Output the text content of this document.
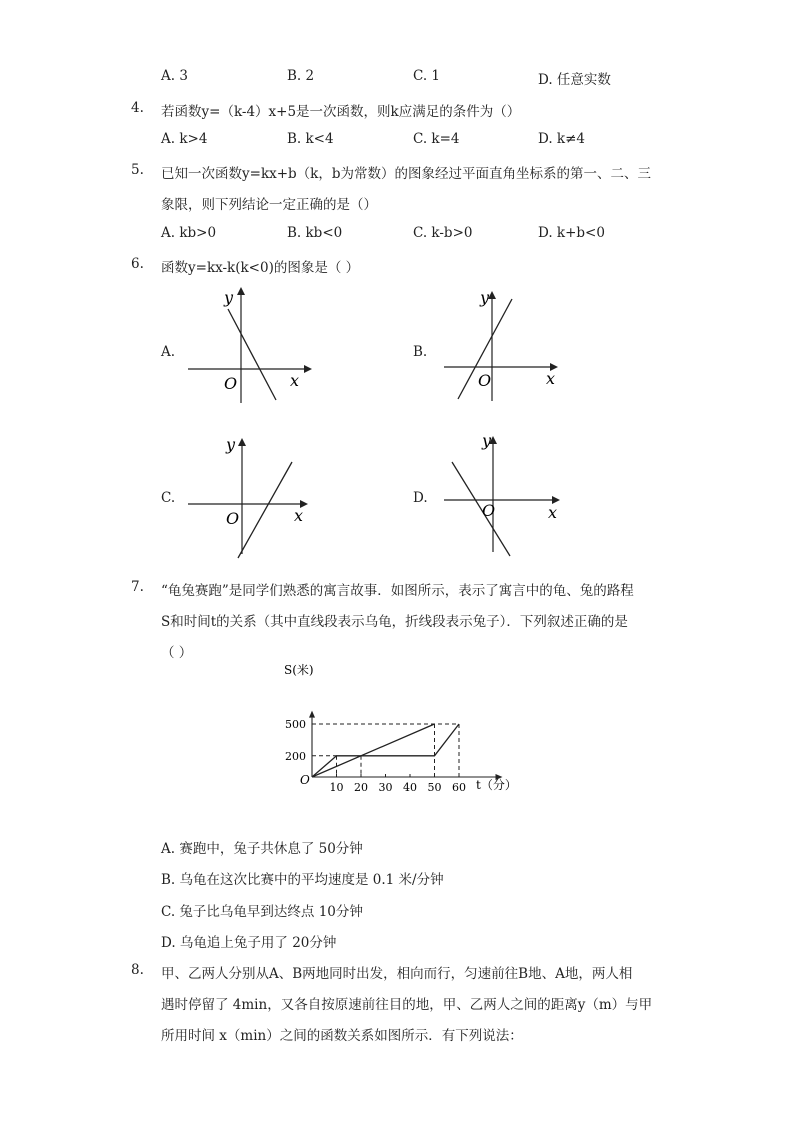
A. 3	B. 2	C. 1	D. 任意实数
4. 若函数y=（k-4）x+5是一次函数，则k应满足的条件为（）
A. k>4	B. k<4	C. k=4	D. k≠4
5. 已知一次函数y=kx+b（k，b为常数）的图象经过平面直角坐标系的第一、二、三
象限，则下列结论一定正确的是（）
A. kb>0	B. kb<0	C. k-b>0	D. k+b<0
6. 函数y=kx-k(k<0)的图象是（ ）
A.	B.
C.	D.
y
x
O
y
x
O
y
x
O
y
x
O
7. “龟兔赛跑”是同学们熟悉的寓言故事．如图所示，表示了寓言中的龟、兔的路程
S和时间t的关系（其中直线段表示乌龟，折线段表示兔子）．下列叙述正确的是
（ ）
S(米)
t（分）
O
10 20 30 40 50 60
200
500
A. 赛跑中，兔子共休息了 50分钟
B. 乌龟在这次比赛中的平均速度是 0.1 米/分钟
C. 兔子比乌龟早到达终点 10分钟
D. 乌龟追上兔子用了 20分钟
8. 甲、乙两人分别从A、B两地同时出发，相向而行，匀速前往B地、A地，两人相
遇时停留了 4min，又各自按原速前往目的地，甲、乙两人之间的距离y（m）与甲
所用时间 x（min）之间的函数关系如图所示．有下列说法：
